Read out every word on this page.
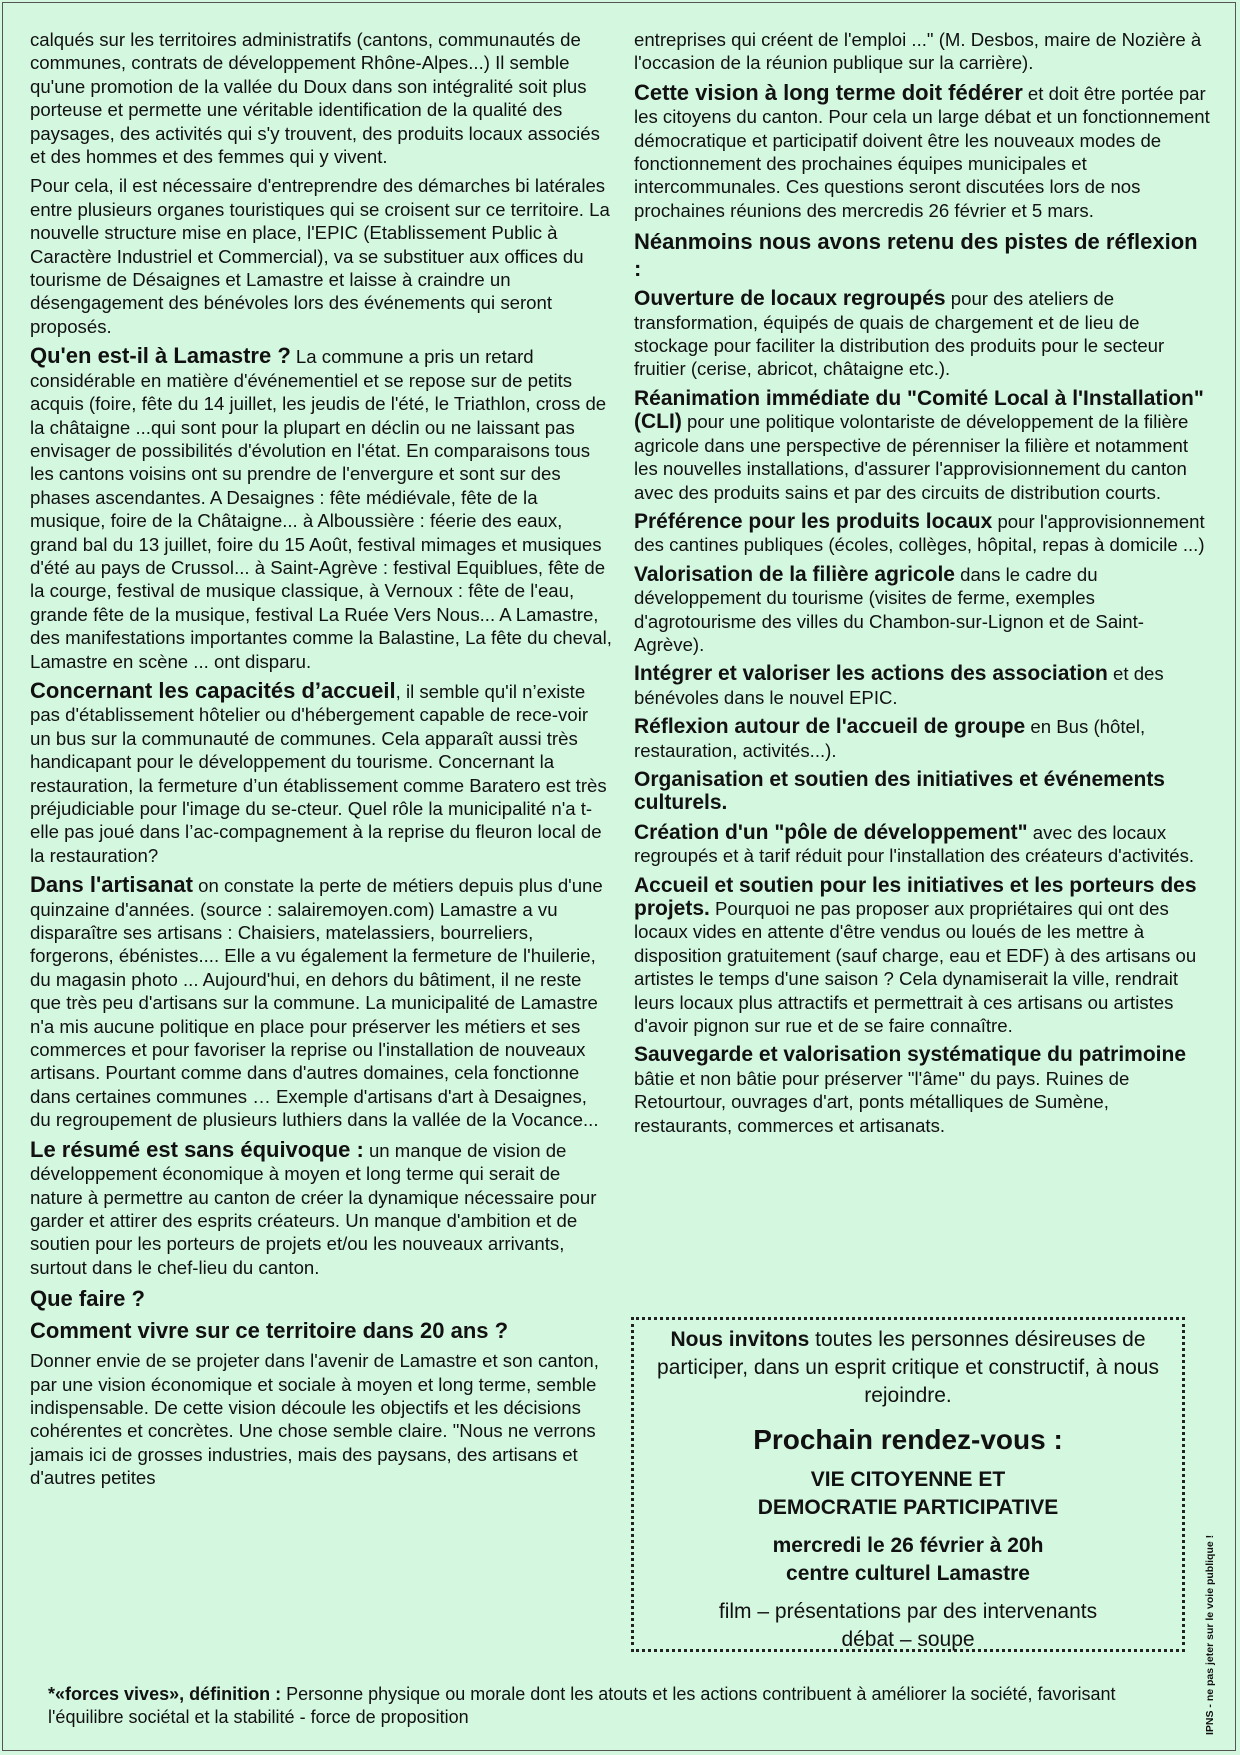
calqués sur les territoires administratifs (cantons, communautés de communes, contrats de développement Rhône-Alpes...) Il semble qu'une promotion de la vallée du Doux dans son intégralité soit plus porteuse et permette une véritable identification de la qualité des paysages, des activités qui s'y trouvent, des produits locaux associés et des hommes et des femmes qui y vivent.

Pour cela, il est nécessaire d'entreprendre des démarches bi latérales entre plusieurs organes touristiques qui se croisent sur ce territoire. La nouvelle structure mise en place, l'EPIC (Etablissement Public à Caractère Industriel et Commercial), va se substituer aux offices du tourisme de Désaignes et Lamastre et laisse à craindre un désengagement des bénévoles lors des événements qui seront proposés.

Qu'en est-il à Lamastre ? La commune a pris un retard considérable en matière d'événementiel et se repose sur de petits acquis (foire, fête du 14 juillet, les jeudis de l'été, le Triathlon, cross de la châtaigne ...qui sont pour la plupart en déclin ou ne laissant pas envisager de possibilités d'évolution en l'état. En comparaisons tous les cantons voisins ont su prendre de l'envergure et sont sur des phases ascendantes. A Desaignes : fête médiévale, fête de la musique, foire de la Châtaigne... à Alboussière : féerie des eaux, grand bal du 13 juillet, foire du 15 Août, festival mimages et musiques d'été au pays de Crussol... à Saint-Agrève : festival Equiblues, fête de la courge, festival de musique classique, à Vernoux : fête de l'eau, grande fête de la musique, festival La Ruée Vers Nous... A Lamastre, des manifestations importantes comme la Balastine, La fête du cheval, Lamastre en scène ... ont disparu.

Concernant les capacités d’accueil, il semble qu'il n’existe pas d'établissement hôtelier ou d'hébergement capable de rece-voir un bus sur la communauté de communes. Cela apparaît aussi très handicapant pour le développement du tourisme. Concernant la restauration, la fermeture d’un établissement comme Baratero est très préjudiciable pour l'image du se-cteur. Quel rôle la municipalité n'a t-elle pas joué dans l’ac-compagnement à la reprise du fleuron local de la restauration?

Dans l'artisanat on constate la perte de métiers depuis plus d'une quinzaine d'années. (source : salairemoyen.com) Lamastre a vu disparaître ses artisans : Chaisiers, matelassiers, bourreliers, forgerons, ébénistes.... Elle a vu également la fermeture de l'huilerie, du magasin photo ... Aujourd'hui, en dehors du bâtiment, il ne reste que très peu d'artisans sur la commune. La municipalité de Lamastre n'a mis aucune politique en place pour préserver les métiers et ses commerces et pour favoriser la reprise ou l'installation de nouveaux artisans. Pourtant comme dans d'autres domaines, cela fonctionne dans certaines communes … Exemple d'artisans d'art à Desaignes, du regroupement de plusieurs luthiers dans la vallée de la Vocance...

Le résumé est sans équivoque : un manque de vision de développement économique à moyen et long terme qui serait de nature à permettre au canton de créer la dynamique nécessaire pour garder et attirer des esprits créateurs. Un manque d'ambition et de soutien pour les porteurs de projets et/ou les nouveaux arrivants, surtout dans le chef-lieu du canton.

Que faire ?
Comment vivre sur ce territoire dans 20 ans ?

Donner envie de se projeter dans l'avenir de Lamastre et son canton, par une vision économique et sociale à moyen et long terme, semble indispensable. De cette vision découle les objectifs et les décisions cohérentes et concrètes. Une chose semble claire. "Nous ne verrons jamais ici de grosses industries, mais des paysans, des artisans et d'autres petites

entreprises qui créent de l'emploi ..." (M. Desbos, maire de Nozière à l'occasion de la réunion publique sur la carrière).

Cette vision à long terme doit fédérer et doit être portée par les citoyens du canton. Pour cela un large débat et un fonctionnement démocratique et participatif doivent être les nouveaux modes de fonctionnement des prochaines équipes municipales et intercommunales. Ces questions seront discutées lors de nos prochaines réunions des mercredis 26 février et 5 mars.

Néanmoins nous avons retenu des pistes de réflexion :

Ouverture de locaux regroupés pour des ateliers de transformation, équipés de quais de chargement et de lieu de stockage pour faciliter la distribution des produits pour le secteur fruitier (cerise, abricot, châtaigne etc.).

Réanimation immédiate du "Comité Local à l'Installation" (CLI) pour une politique volontariste de développement de la filière agricole dans une perspective de pérenniser la filière et notamment les nouvelles installations, d'assurer l'approvisionnement du canton avec des produits sains et par des circuits de distribution courts.

Préférence pour les produits locaux pour l'approvisionnement des cantines publiques (écoles, collèges, hôpital, repas à domicile ...)

Valorisation de la filière agricole dans le cadre du développement du tourisme (visites de ferme, exemples d'agrotourisme des villes du Chambon-sur-Lignon et de Saint-Agrève).

Intégrer et valoriser les actions des association et des bénévoles dans le nouvel EPIC.

Réflexion autour de l'accueil de groupe en Bus (hôtel, restauration, activités...).

Organisation et soutien des initiatives et événements culturels.

Création d'un "pôle de développement" avec des locaux regroupés et à tarif réduit pour l'installation des créateurs d'activités.

Accueil et soutien pour les initiatives et les porteurs des projets. Pourquoi ne pas proposer aux propriétaires qui ont des locaux vides en attente d'être vendus ou loués de les mettre à disposition gratuitement (sauf charge, eau et EDF) à des artisans ou artistes le temps d'une saison ? Cela dynamiserait la ville, rendrait leurs locaux plus attractifs et permettrait à ces artisans ou artistes d'avoir pignon sur rue et de se faire connaître.

Sauvegarde et valorisation systématique du patrimoine bâtie et non bâtie pour préserver "l'âme" du pays. Ruines de Retourtour, ouvrages d'art, ponts métalliques de Sumène, restaurants, commerces et artisanats.

Nous invitons toutes les personnes désireuses de participer, dans un esprit critique et constructif, à nous rejoindre.
Prochain rendez-vous :
VIE CITOYENNE ET
DEMOCRATIE PARTICIPATIVE
mercredi le 26 février à 20h
centre culturel Lamastre
film – présentations par des intervenants
débat – soupe
*«forces vives», définition : Personne physique ou morale dont les atouts et les actions contribuent à améliorer la société, favorisant l'équilibre sociétal et la stabilité - force de proposition	IPNS - ne pas jeter sur le voie publique !
